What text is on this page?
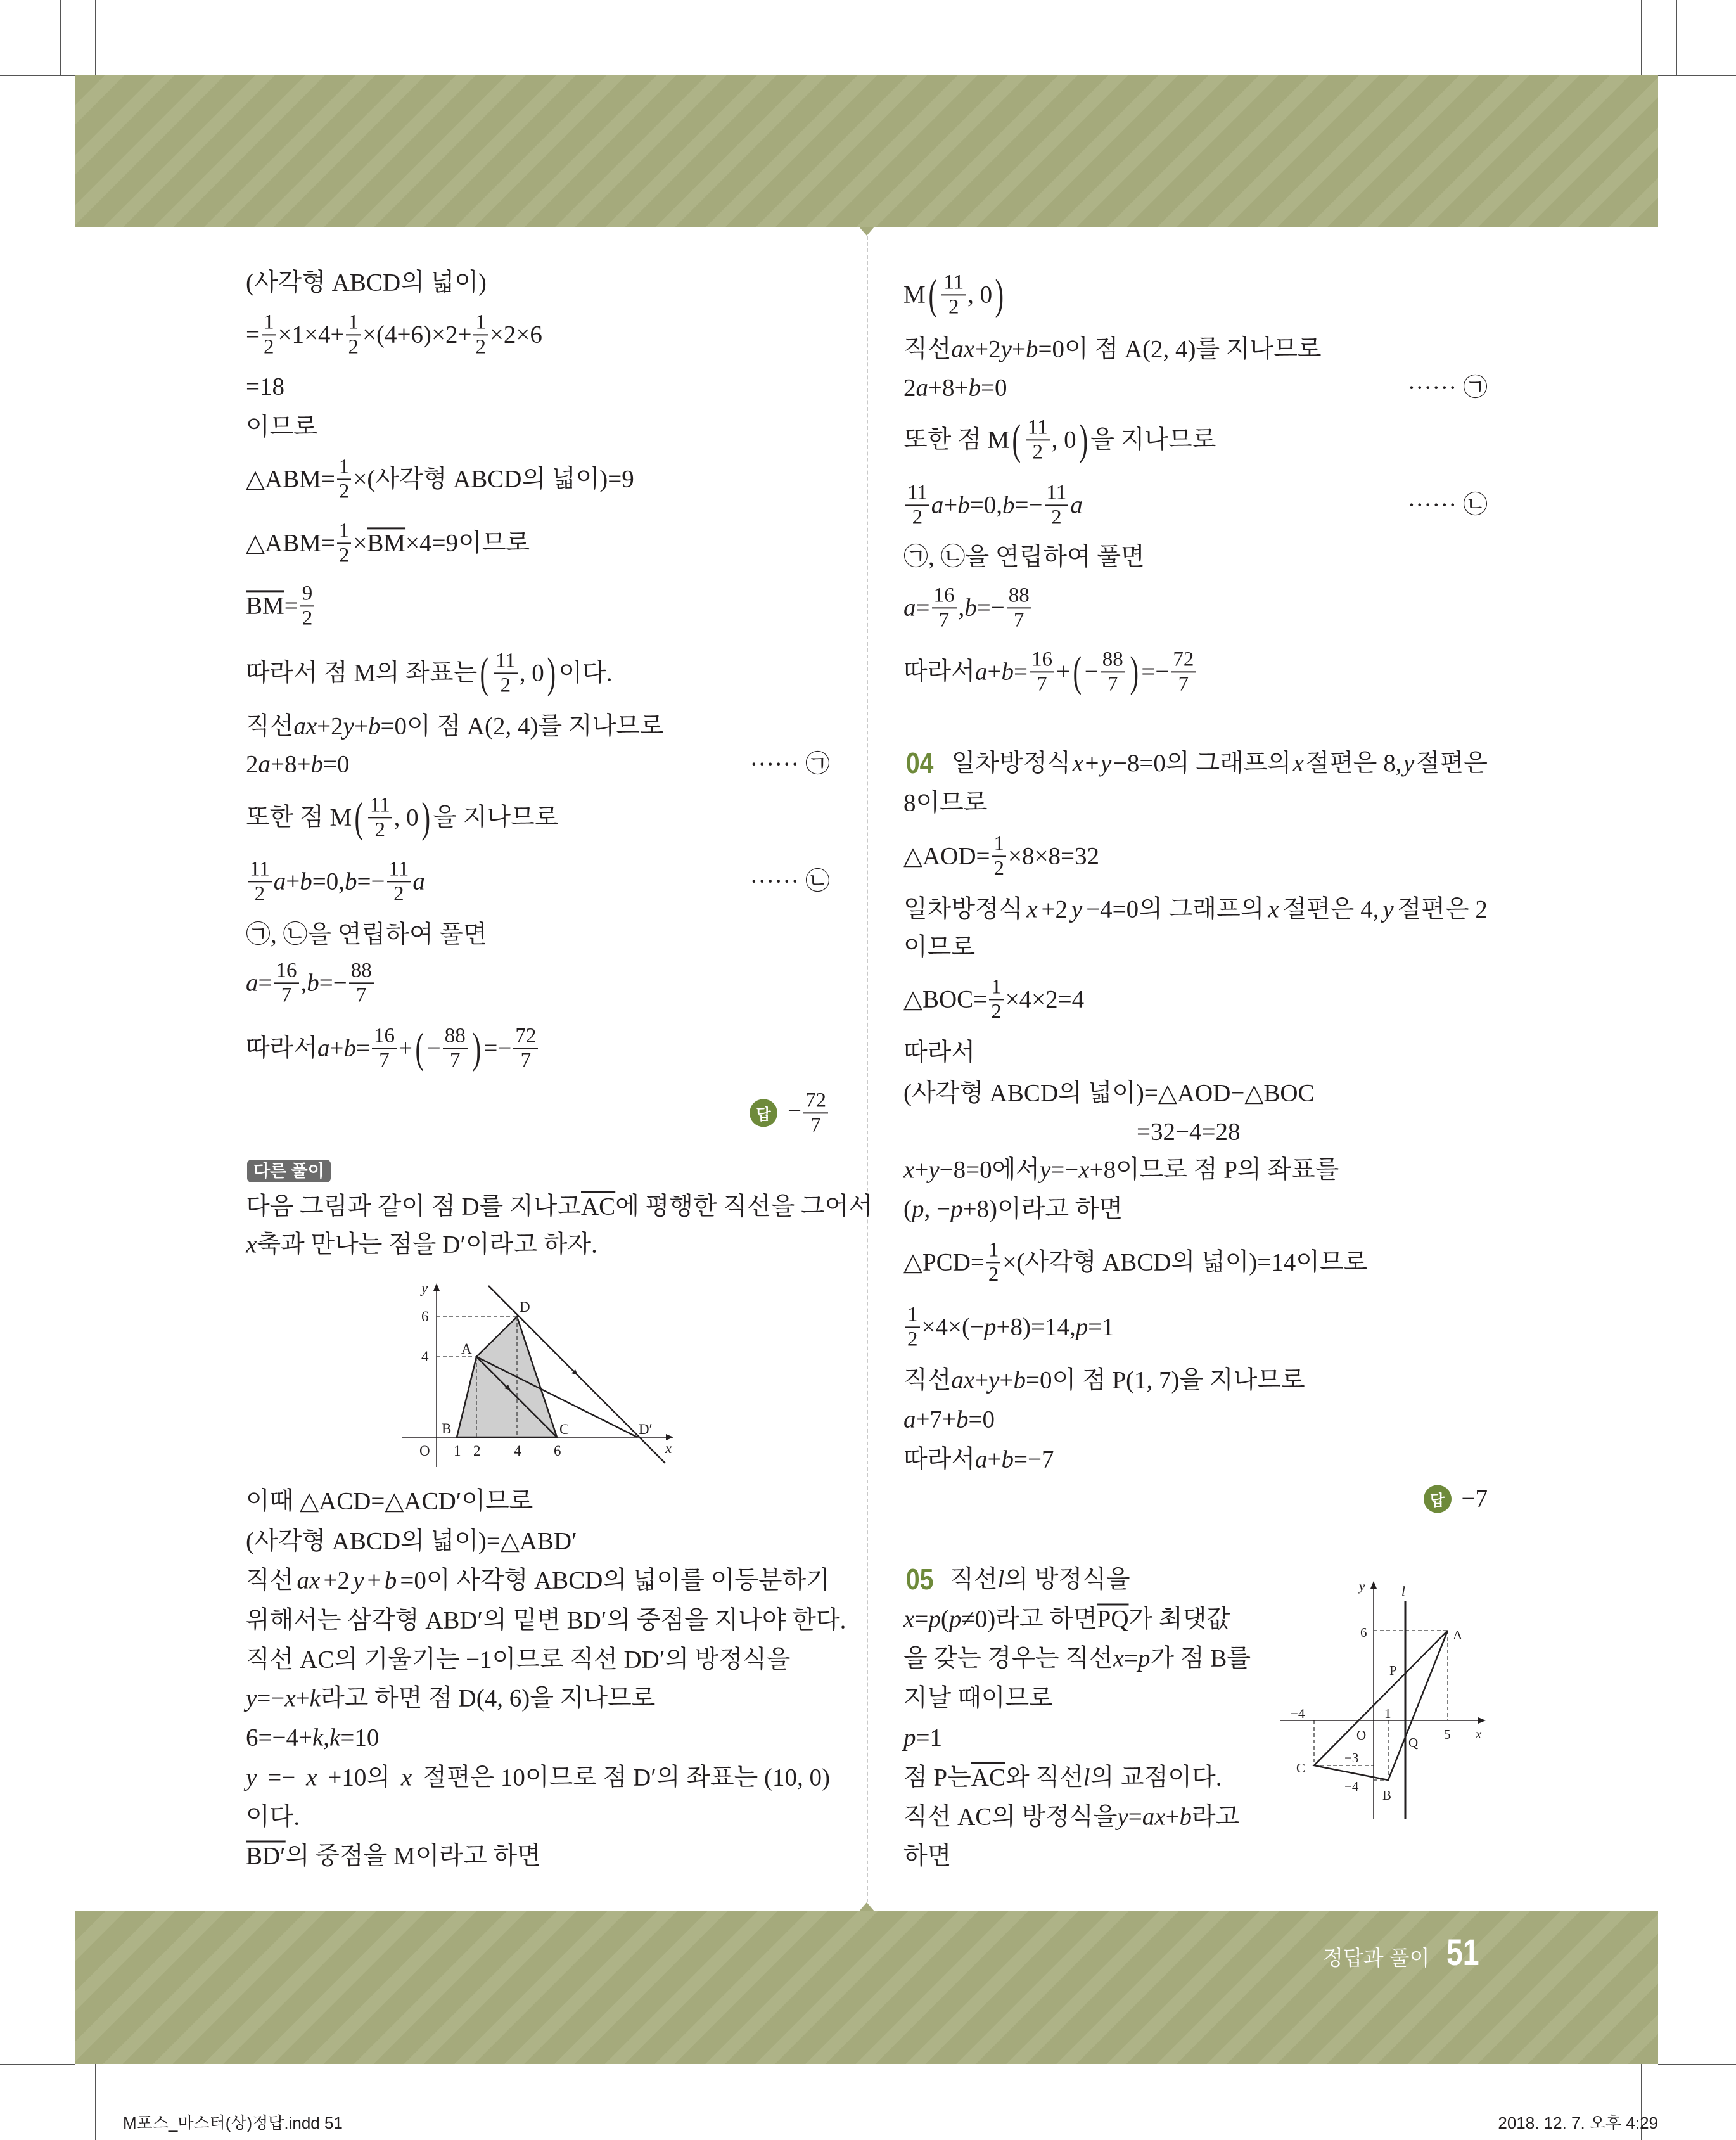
(사각형 ABCD의 넓이)
= $\frac{1}{2} \times 1\times 4+ \frac{1}{2} \times(4+6)\times 2+ \frac{1}{2} \times 2\times 6$
=18
이므로
△ABM= $\frac{1}{2}$ ×(사각형 ABCD의 넓이)=9
△ABM= $\frac{1}{2} \times \overline{BM} \times 4=9$이므로
$\overline{BM} = \frac{9}{2}$
따라서 점 M의 좌표는 ( $\frac{11}{2}$ , 0 ) 이다.
직선 ax +2 y + b =0이 점 A(2, 4)를 지나므로
2 a +8+ b =0	······ ㉠
또한 점 M ( $\frac{11}{2}$ , 0 ) 을 지나므로
$\frac{11}{2}$ a + b =0, $b =- \frac{11}{2}$ a	······ ㉡
㉠, ㉡을 연립하여 풀면
$a = \frac{16}{7}$ , $b =- \frac{88}{7}$
따라서 $a + b = \frac{16}{7}$ + ( − $\frac{88}{7}$ ) =− $\frac{72}{7}$
다음 그림과 같이 점 D를 지나고 $\overline{AC}$ 에 평행한 직선을 그어서
x 축과 만나는 점을 D′이라고 하자.
이때 △ACD=△ACD′이므로
(사각형 ABCD의 넓이)=△ABD′
직선 ax +2 y + b =0이 사각형 ABCD의 넓이를 이등분하기
위해서는 삼각형 ABD′의 밑변 BD′의 중점을 지나야 한다.
직선 AC의 기울기는 −1이므로 직선 DD′의 방정식을
y =− x + k 라고 하면 점 D(4, 6)을 지나므로
6=−4+ k , k =10
y =− x +10의 x 절편은 10이므로 점 D′의 좌표는 (10, 0)
이다.
BD′ 의 중점을 M이라고 하면
M ( $\frac{11}{2}$ , 0 )
직선 ax +2 y + b =0이 점 A(2, 4)를 지나므로
2 a +8+ b =0	······ ㉠
또한 점 M ( $\frac{11}{2}$ , 0 ) 을 지나므로
$\frac{11}{2}$ a + b =0, $b =- \frac{11}{2}$ a	······ ㉡
㉠, ㉡을 연립하여 풀면
$a = \frac{16}{7}$ , $b =- \frac{88}{7}$
따라서 $a + b = \frac{16}{7}$ + ( − $\frac{88}{7}$ ) =− $\frac{72}{7}$
04 일차방정식 x + y −8=0의 그래프의 x 절편은 8, y 절편은
8이므로
△AOD= $\frac{1}{2} \times 8\times 8=32$
일차방정식 x +2 y −4=0의 그래프의 x 절편은 4, y 절편은 2
이므로
△BOC= $\frac{1}{2} \times 4\times 2=4$
따라서
(사각형 ABCD의 넓이)=△AOD−△BOC
=32−4=28
x + y −8=0에서 y =− x +8이므로 점 P의 좌표를
( p , − p +8)이라고 하면
△PCD= $\frac{1}{2}$ ×(사각형 ABCD의 넓이)=14이므로
$\frac{1}{2} \times 4\times(- p +8)=14$, p =1
직선 ax + y + b =0이 점 P(1, 7)을 지나므로
a +7+ b =0
따라서 a + b =−7
05 직선 l 의 방정식을
x = p ( p ≠0)라고 하면 $\overline{PQ}$ 가 최댓값
을 갖는 경우는 직선 x = p 가 점 B를
지날 때이므로
p =1
점 P는 $\overline{AC}$ 와 직선 l 의 교점이다.
직선 AC의 방정식을 y = ax + b 라고
하면
답 − $\frac{72}{7}$
다른 풀이
답 −7
y
x
O
D
A
B	C	D′
6
4
1 2 4 6
y
x
l
O
A
B
C
P
Q
5
−4
6
1
−3
−4
정답과 풀이 51
M포스_마스터(상)정답.indd 51	2018. 12. 7. 오후 4:29
